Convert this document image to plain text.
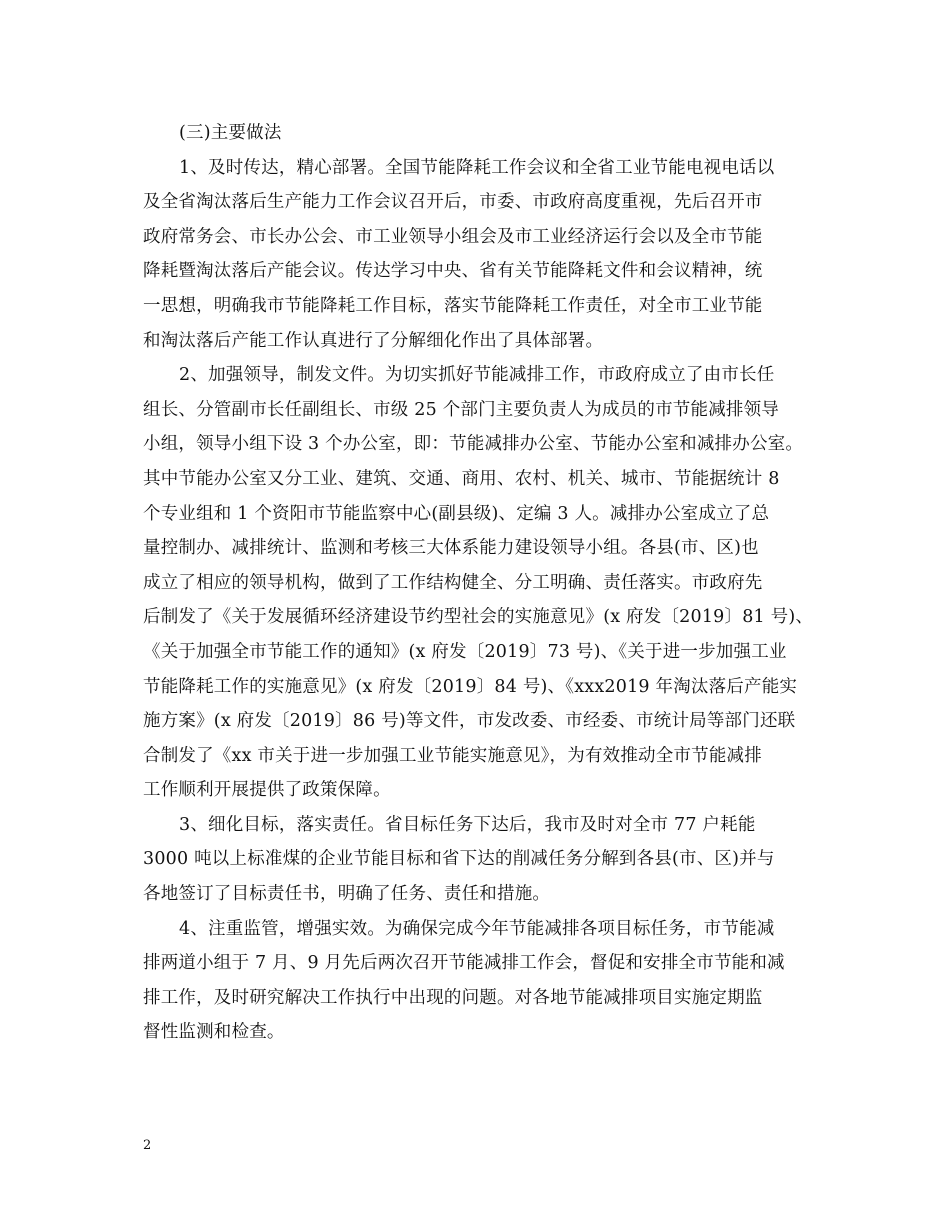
(三)主要做法
1、及时传达，精心部署。全国节能降耗工作会议和全省工业节能电视电话以
及全省淘汰落后生产能力工作会议召开后，市委、市政府高度重视，先后召开市
政府常务会、市长办公会、市工业领导小组会及市工业经济运行会以及全市节能
降耗暨淘汰落后产能会议。传达学习中央、省有关节能降耗文件和会议精神，统
一思想，明确我市节能降耗工作目标，落实节能降耗工作责任，对全市工业节能
和淘汰落后产能工作认真进行了分解细化作出了具体部署。
2、加强领导，制发文件。为切实抓好节能减排工作，市政府成立了由市长任
组长、分管副市长任副组长、市级 25 个部门主要负责人为成员的市节能减排领导
小组，领导小组下设 3 个办公室，即：节能减排办公室、节能办公室和减排办公室。
其中节能办公室又分工业、建筑、交通、商用、农村、机关、城市、节能据统计 8
个专业组和 1 个资阳市节能监察中心(副县级)、定编 3 人。减排办公室成立了总
量控制办、减排统计、监测和考核三大体系能力建设领导小组。各县(市、区)也
成立了相应的领导机构，做到了工作结构健全、分工明确、责任落实。市政府先
后制发了《关于发展循环经济建设节约型社会的实施意见》(x 府发〔2019〕81 号)、
《关于加强全市节能工作的通知》(x 府发〔2019〕73 号)、《关于进一步加强工业
节能降耗工作的实施意见》(x 府发〔2019〕84 号)、《xxx2019 年淘汰落后产能实
施方案》(x 府发〔2019〕86 号)等文件，市发改委、市经委、市统计局等部门还联
合制发了《xx 市关于进一步加强工业节能实施意见》，为有效推动全市节能减排
工作顺利开展提供了政策保障。
3、细化目标，落实责任。省目标任务下达后，我市及时对全市 77 户耗能
3000 吨以上标准煤的企业节能目标和省下达的削减任务分解到各县(市、区)并与
各地签订了目标责任书，明确了任务、责任和措施。
4、注重监管，增强实效。为确保完成今年节能减排各项目标任务，市节能减
排两道小组于 7 月、9 月先后两次召开节能减排工作会，督促和安排全市节能和减
排工作，及时研究解决工作执行中出现的问题。对各地节能减排项目实施定期监
督性监测和检查。
2
